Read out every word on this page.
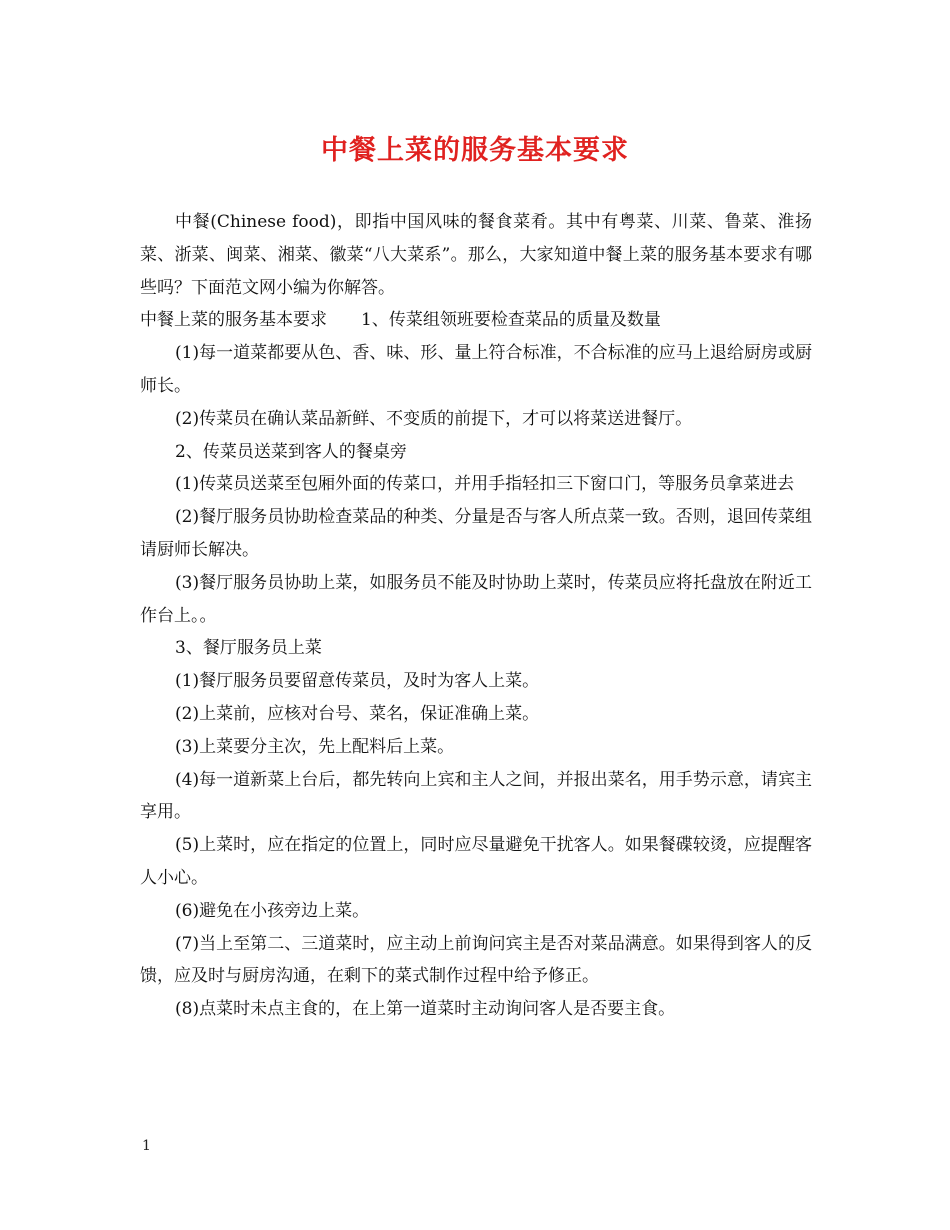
中餐上菜的服务基本要求

中餐(Chinese food)，即指中国风味的餐食菜肴。其中有粤菜、川菜、鲁菜、淮扬菜、浙菜、闽菜、湘菜、徽菜“八大菜系”。那么，大家知道中餐上菜的服务基本要求有哪些吗？下面范文网小编为你解答。

中餐上菜的服务基本要求　　1、传菜组领班要检查菜品的质量及数量

(1)每一道菜都要从色、香、味、形、量上符合标准，不合标准的应马上退给厨房或厨师长。

(2)传菜员在确认菜品新鲜、不变质的前提下，才可以将菜送进餐厅。

2、传菜员送菜到客人的餐桌旁

(1)传菜员送菜至包厢外面的传菜口，并用手指轻扣三下窗口门，等服务员拿菜进去

(2)餐厅服务员协助检查菜品的种类、分量是否与客人所点菜一致。否则，退回传菜组请厨师长解决。

(3)餐厅服务员协助上菜，如服务员不能及时协助上菜时，传菜员应将托盘放在附近工作台上。。

3、餐厅服务员上菜

(1)餐厅服务员要留意传菜员，及时为客人上菜。

(2)上菜前，应核对台号、菜名，保证准确上菜。

(3)上菜要分主次，先上配料后上菜。

(4)每一道新菜上台后，都先转向上宾和主人之间，并报出菜名，用手势示意，请宾主享用。

(5)上菜时，应在指定的位置上，同时应尽量避免干扰客人。如果餐碟较烫，应提醒客人小心。

(6)避免在小孩旁边上菜。

(7)当上至第二、三道菜时，应主动上前询问宾主是否对菜品满意。如果得到客人的反馈，应及时与厨房沟通，在剩下的菜式制作过程中给予修正。

(8)点菜时未点主食的，在上第一道菜时主动询问客人是否要主食。

1
